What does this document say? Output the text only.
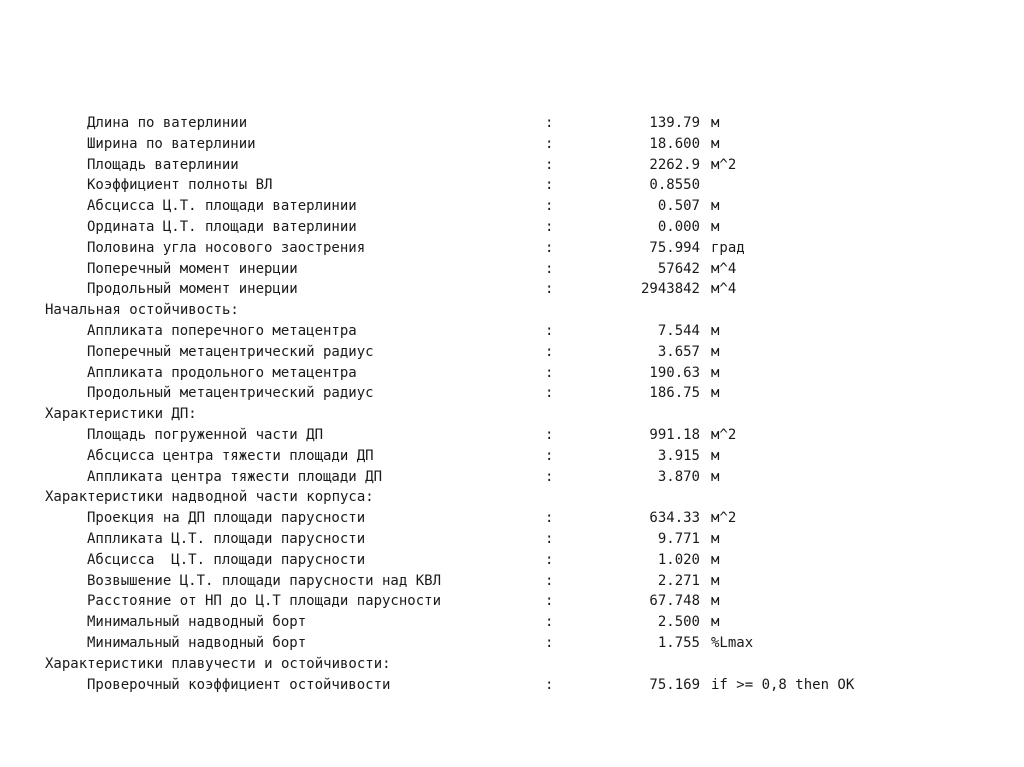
Длина по ватерлинии	:	139.79 м
Ширина по ватерлинии	:	18.600 м
Площадь ватерлинии	:	2262.9 м^2
Коэффициент полноты ВЛ	:	0.8550
Абсцисса Ц.Т. площади ватерлинии	:	0.507 м
Ордината Ц.Т. площади ватерлинии	:	0.000 м
Половина угла носового заострения	:	75.994 град
Поперечный момент инерции	:	57642 м^4
Продольный момент инерции	:	2943842 м^4
Начальная остойчивость:
Аппликата поперечного метацентра	:	7.544 м
Поперечный метацентрический радиус	:	3.657 м
Аппликата продольного метацентра	:	190.63 м
Продольный метацентрический радиус	:	186.75 м
Характеристики ДП:
Площадь погруженной части ДП	:	991.18 м^2
Абсцисса центра тяжести площади ДП	:	3.915 м
Аппликата центра тяжести площади ДП	:	3.870 м
Характеристики надводной части корпуса:
Проекция на ДП площади парусности	:	634.33 м^2
Аппликата Ц.Т. площади парусности	:	9.771 м
Абсцисса  Ц.Т. площади парусности	:	1.020 м
Возвышение Ц.Т. площади парусности над КВЛ	:	2.271 м
Расстояние от НП до Ц.Т площади парусности	:	67.748 м
Минимальный надводный борт	:	2.500 м
Минимальный надводный борт	:	1.755 %Lmax
Характеристики плавучести и остойчивости:
Проверочный коэффициент остойчивости	:	75.169 if >= 0,8 then OK
